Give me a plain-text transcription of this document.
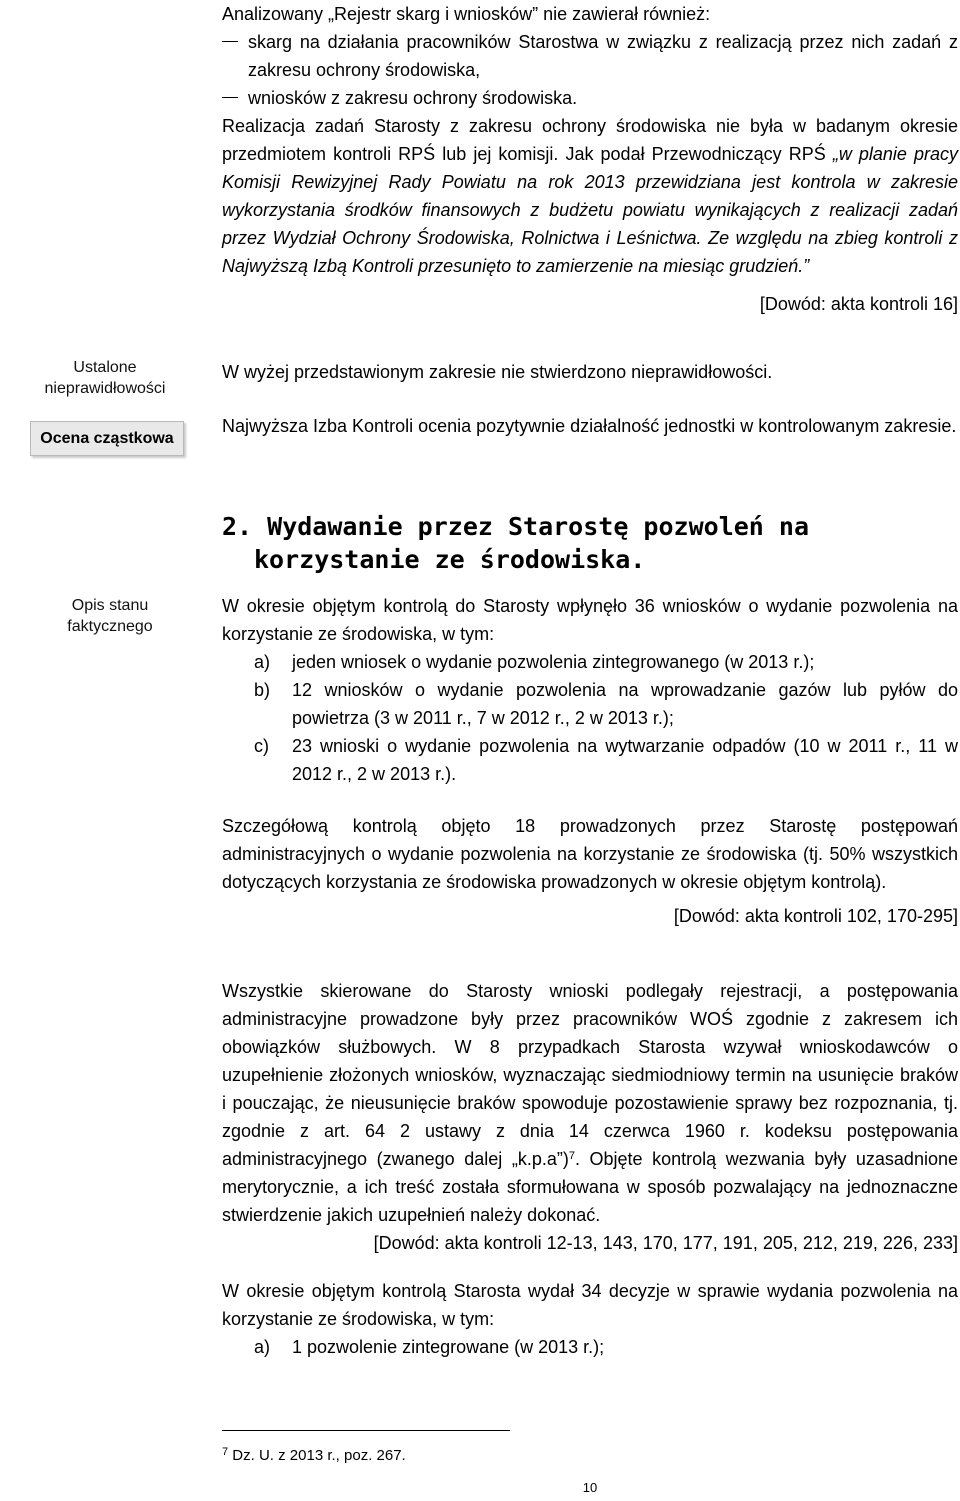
Analizowany „Rejestr skarg i wniosków” nie zawierał również:

skarg na działania pracowników Starostwa w związku z realizacją przez nich zadań z zakresu ochrony środowiska,

wniosków z zakresu ochrony środowiska.

Realizacja zadań Starosty z zakresu ochrony środowiska nie była w badanym okresie przedmiotem kontroli RPŚ lub jej komisji. Jak podał Przewodniczący RPŚ „w planie pracy Komisji Rewizyjnej Rady Powiatu na rok 2013 przewidziana jest kontrola w zakresie wykorzystania środków finansowych z budżetu powiatu wynikających z realizacji zadań przez Wydział Ochrony Środowiska, Rolnictwa i Leśnictwa. Ze względu na zbieg kontroli z Najwyższą Izbą Kontroli przesunięto to zamierzenie na miesiąc grudzień.”

[Dowód: akta kontroli 16]

Ustalone nieprawidłowości
Ocena cząstkowa
Opis stanu faktycznego

W wyżej przedstawionym zakresie nie stwierdzono nieprawidłowości.

Najwyższa Izba Kontroli ocenia pozytywnie działalność jednostki w kontrolowanym zakresie.

2. Wydawanie przez Starostę pozwoleń na korzystanie ze środowiska.

W okresie objętym kontrolą do Starosty wpłynęło 36 wniosków o wydanie pozwolenia na korzystanie ze środowiska, w tym:

a) jeden wniosek o wydanie pozwolenia zintegrowanego (w 2013 r.);

b) 12 wniosków o wydanie pozwolenia na wprowadzanie gazów lub pyłów do powietrza (3 w 2011 r., 7 w 2012 r., 2 w 2013 r.);

c) 23 wnioski o wydanie pozwolenia na wytwarzanie odpadów (10 w 2011 r., 11 w 2012 r., 2 w 2013 r.).

Szczegółową kontrolą objęto 18 prowadzonych przez Starostę postępowań administracyjnych o wydanie pozwolenia na korzystanie ze środowiska (tj. 50% wszystkich dotyczących korzystania ze środowiska prowadzonych w okresie objętym kontrolą).

[Dowód: akta kontroli 102, 170-295]

Wszystkie skierowane do Starosty wnioski podlegały rejestracji, a postępowania administracyjne prowadzone były przez pracowników WOŚ zgodnie z zakresem ich obowiązków służbowych. W 8 przypadkach Starosta wzywał wnioskodawców o uzupełnienie złożonych wniosków, wyznaczając siedmiodniowy termin na usunięcie braków i pouczając, że nieusunięcie braków spowoduje pozostawienie sprawy bez rozpoznania, tj. zgodnie z art. 64 2 ustawy z dnia 14 czerwca 1960 r. kodeksu postępowania administracyjnego (zwanego dalej „k.p.a”)$^7$. Objęte kontrolą wezwania były uzasadnione merytorycznie, a ich treść została sformułowana w sposób pozwalający na jednoznaczne stwierdzenie jakich uzupełnień należy dokonać.

[Dowód: akta kontroli 12-13, 143, 170, 177, 191, 205, 212, 219, 226, 233]

W okresie objętym kontrolą Starosta wydał 34 decyzje w sprawie wydania pozwolenia na korzystanie ze środowiska, w tym:

a) 1 pozwolenie zintegrowane (w 2013 r.);

$^7$ Dz. U. z 2013 r., poz. 267.
10
